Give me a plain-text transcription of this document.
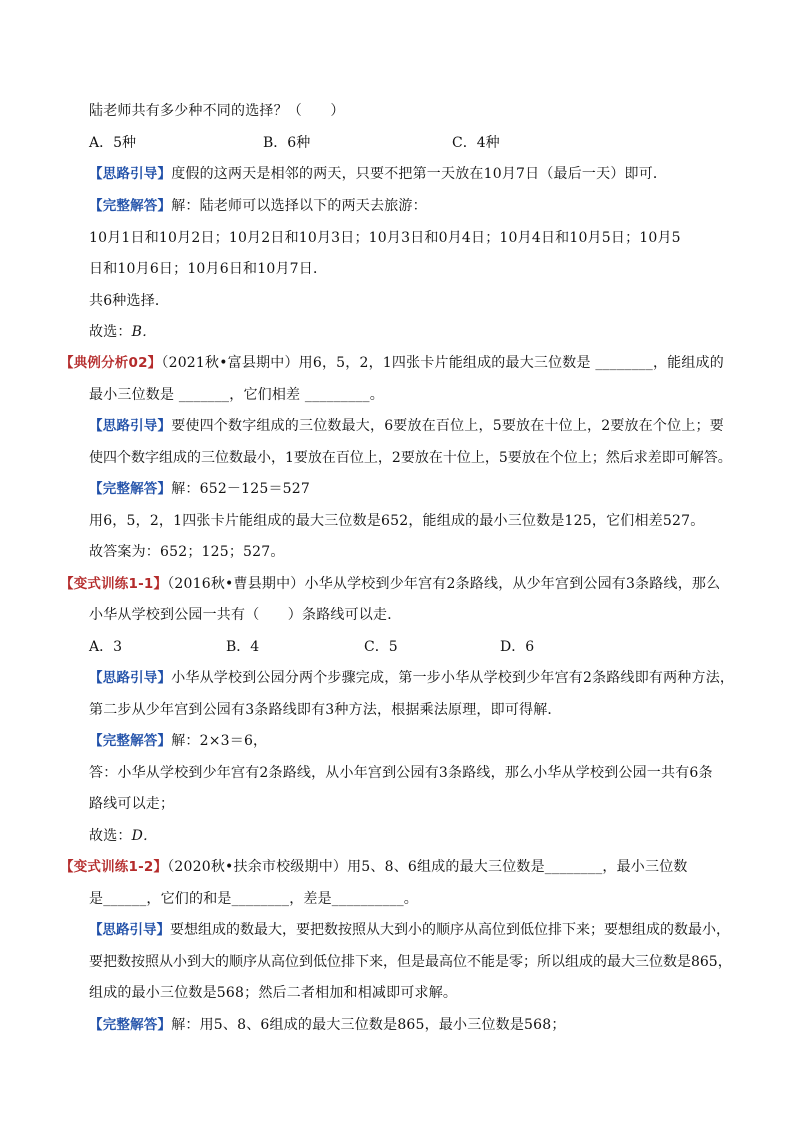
陆老师共有多少种不同的选择？（　　）
A．5种	B．6种	C．4种
【思路引导】度假的这两天是相邻的两天，只要不把第一天放在10月7日（最后一天）即可．
【完整解答】解：陆老师可以选择以下的两天去旅游：
10月1日和10月2日；10月2日和10月3日；10月3日和0月4日；10月4日和10月5日；10月5
日和10月6日；10月6日和10月7日．
共6种选择．
故选：B．
【典例分析02】（2021秋•富县期中）用6，5，2，1四张卡片能组成的最大三位数是 ________，能组成的
最小三位数是 _______，它们相差 _________。
【思路引导】要使四个数字组成的三位数最大，6要放在百位上，5要放在十位上，2要放在个位上；要
使四个数字组成的三位数最小，1要放在百位上，2要放在十位上，5要放在个位上；然后求差即可解答。
【完整解答】解：652－125＝527
用6，5，2，1四张卡片能组成的最大三位数是652，能组成的最小三位数是125，它们相差527。
故答案为：652；125；527。
【变式训练1-1】（2016秋•曹县期中）小华从学校到少年宫有2条路线，从少年宫到公园有3条路线，那么
小华从学校到公园一共有（　　）条路线可以走．
A．3	B．4	C．5	D．6
【思路引导】小华从学校到公园分两个步骤完成，第一步小华从学校到少年宫有2条路线即有两种方法，
第二步从少年宫到公园有3条路线即有3种方法，根据乘法原理，即可得解．
【完整解答】解：2×3＝6，
答：小华从学校到少年宫有2条路线，从小年宫到公园有3条路线，那么小华从学校到公园一共有6条
路线可以走；
故选：D．
【变式训练1-2】（2020秋•扶余市校级期中）用5、8、6组成的最大三位数是________，最小三位数
是______，它们的和是________，差是__________。
【思路引导】要想组成的数最大，要把数按照从大到小的顺序从高位到低位排下来；要想组成的数最小，
要把数按照从小到大的顺序从高位到低位排下来，但是最高位不能是零；所以组成的最大三位数是865，
组成的最小三位数是568；然后二者相加和相减即可求解。
【完整解答】解：用5、8、6组成的最大三位数是865，最小三位数是568；
